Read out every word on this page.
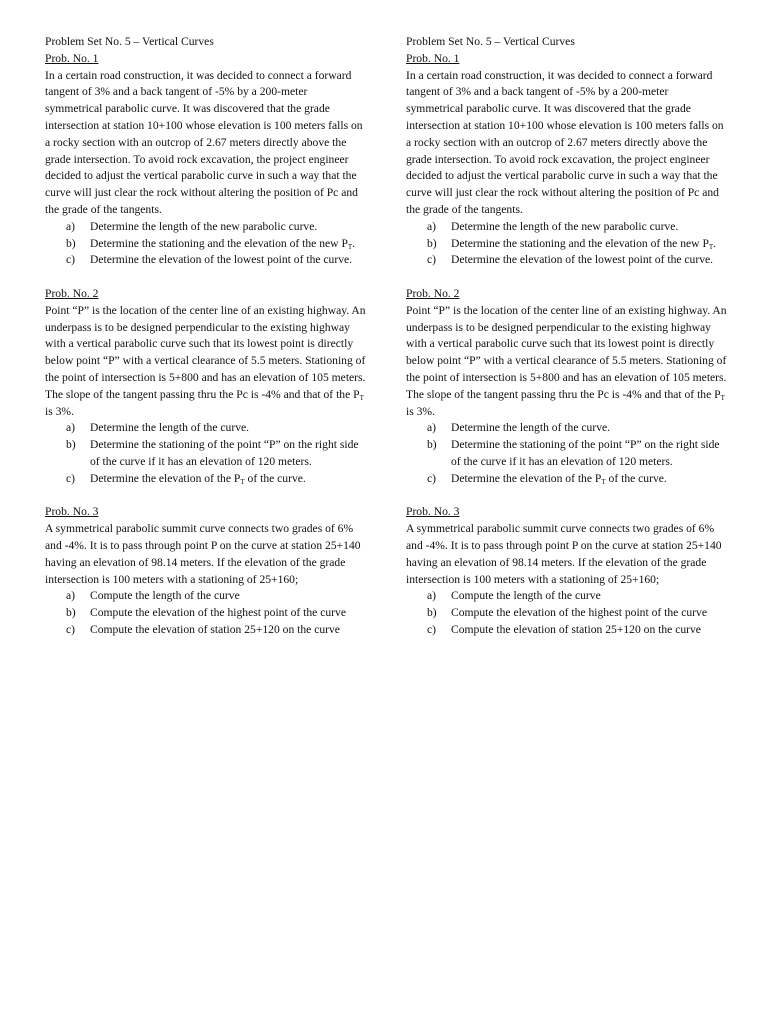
Problem Set No. 5 – Vertical Curves
Prob. No. 1

In a certain road construction, it was decided to connect a forward tangent of 3% and a back tangent of -5% by a 200-meter symmetrical parabolic curve. It was discovered that the grade intersection at station 10+100 whose elevation is 100 meters falls on a rocky section with an outcrop of 2.67 meters directly above the grade intersection. To avoid rock excavation, the project engineer decided to adjust the vertical parabolic curve in such a way that the curve will just clear the rock without altering the position of Pc and the grade of the tangents.

a) Determine the length of the new parabolic curve.
b) Determine the stationing and the elevation of the new $P_T$.
c) Determine the elevation of the lowest point of the curve.
Prob. No. 2

Point “P” is the location of the center line of an existing highway. An underpass is to be designed perpendicular to the existing highway with a vertical parabolic curve such that its lowest point is directly below point “P” with a vertical clearance of 5.5 meters. Stationing of the point of intersection is 5+800 and has an elevation of 105 meters. The slope of the tangent passing thru the Pc is -4% and that of the $P_T$ is 3%.

a) Determine the length of the curve.
b) Determine the stationing of the point “P” on the right side of the curve if it has an elevation of 120 meters.
c) Determine the elevation of the $P_T$ of the curve.
Prob. No. 3

A symmetrical parabolic summit curve connects two grades of 6% and -4%. It is to pass through point P on the curve at station 25+140 having an elevation of 98.14 meters. If the elevation of the grade intersection is 100 meters with a stationing of 25+160;

a) Compute the length of the curve
b) Compute the elevation of the highest point of the curve
c) Compute the elevation of station 25+120 on the curve
Problem Set No. 5 – Vertical Curves
Prob. No. 1

In a certain road construction, it was decided to connect a forward tangent of 3% and a back tangent of -5% by a 200-meter symmetrical parabolic curve. It was discovered that the grade intersection at station 10+100 whose elevation is 100 meters falls on a rocky section with an outcrop of 2.67 meters directly above the grade intersection. To avoid rock excavation, the project engineer decided to adjust the vertical parabolic curve in such a way that the curve will just clear the rock without altering the position of Pc and the grade of the tangents.

a) Determine the length of the new parabolic curve.
b) Determine the stationing and the elevation of the new $P_T$.
c) Determine the elevation of the lowest point of the curve.
Prob. No. 2

Point “P” is the location of the center line of an existing highway. An underpass is to be designed perpendicular to the existing highway with a vertical parabolic curve such that its lowest point is directly below point “P” with a vertical clearance of 5.5 meters. Stationing of the point of intersection is 5+800 and has an elevation of 105 meters. The slope of the tangent passing thru the Pc is -4% and that of the $P_T$ is 3%.

a) Determine the length of the curve.
b) Determine the stationing of the point “P” on the right side of the curve if it has an elevation of 120 meters.
c) Determine the elevation of the $P_T$ of the curve.
Prob. No. 3

A symmetrical parabolic summit curve connects two grades of 6% and -4%. It is to pass through point P on the curve at station 25+140 having an elevation of 98.14 meters. If the elevation of the grade intersection is 100 meters with a stationing of 25+160;

a) Compute the length of the curve
b) Compute the elevation of the highest point of the curve
c) Compute the elevation of station 25+120 on the curve
